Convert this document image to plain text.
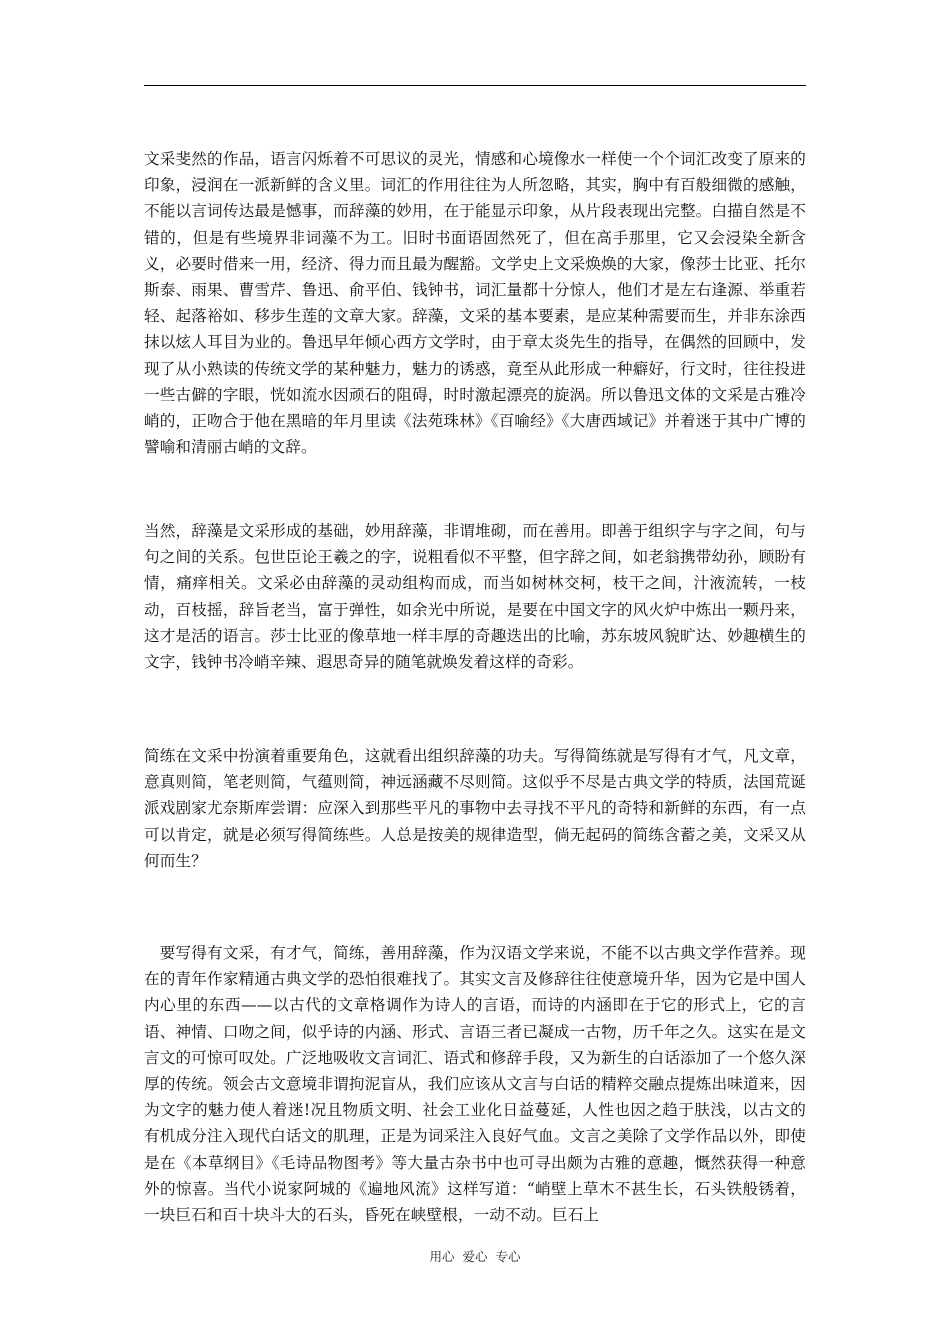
文采斐然的作品，语言闪烁着不可思议的灵光，情感和心境像水一样使一个个词汇改变了原来的印象，浸润在一派新鲜的含义里。词汇的作用往往为人所忽略，其实，胸中有百般细微的感触，不能以言词传达最是憾事，而辞藻的妙用，在于能显示印象，从片段表现出完整。白描自然是不错的，但是有些境界非词藻不为工。旧时书面语固然死了，但在高手那里，它又会浸染全新含义，必要时借来一用，经济、得力而且最为醒豁。文学史上文采焕焕的大家，像莎士比亚、托尔斯泰、雨果、曹雪芹、鲁迅、俞平伯、钱钟书，词汇量都十分惊人，他们才是左右逢源、举重若轻、起落裕如、移步生莲的文章大家。辞藻，文采的基本要素，是应某种需要而生，并非东涂西抹以炫人耳目为业的。鲁迅早年倾心西方文学时，由于章太炎先生的指导，在偶然的回顾中，发现了从小熟读的传统文学的某种魅力，魅力的诱惑，竟至从此形成一种癖好，行文时，往往投进一些古僻的字眼，恍如流水因顽石的阻碍，时时激起漂亮的旋涡。所以鲁迅文体的文采是古雅冷峭的，正吻合于他在黑暗的年月里读《法苑珠林》《百喻经》《大唐西域记》并着迷于其中广博的譬喻和清丽古峭的文辞。

当然，辞藻是文采形成的基础，妙用辞藻，非谓堆砌，而在善用。即善于组织字与字之间，句与句之间的关系。包世臣论王羲之的字，说粗看似不平整，但字辞之间，如老翁携带幼孙，顾盼有情，痛痒相关。文采必由辞藻的灵动组构而成，而当如树林交柯，枝干之间，汁液流转，一枝动，百枝摇，辞旨老当，富于弹性，如余光中所说，是要在中国文字的风火炉中炼出一颗丹来，这才是活的语言。莎士比亚的像草地一样丰厚的奇趣迭出的比喻，苏东坡风貌旷达、妙趣横生的文字，钱钟书冷峭辛辣、遐思奇异的随笔就焕发着这样的奇彩。

简练在文采中扮演着重要角色，这就看出组织辞藻的功夫。写得简练就是写得有才气，凡文章，意真则简，笔老则简，气蕴则简，神远涵藏不尽则简。这似乎不尽是古典文学的特质，法国荒诞派戏剧家尤奈斯库尝谓：应深入到那些平凡的事物中去寻找不平凡的奇特和新鲜的东西，有一点可以肯定，就是必须写得简练些。人总是按美的规律造型，倘无起码的简练含蓄之美，文采又从何而生？

　要写得有文采，有才气，简练，善用辞藻，作为汉语文学来说，不能不以古典文学作营养。现在的青年作家精通古典文学的恐怕很难找了。其实文言及修辞往往使意境升华，因为它是中国人内心里的东西——以古代的文章格调作为诗人的言语，而诗的内涵即在于它的形式上，它的言语、神情、口吻之间，似乎诗的内涵、形式、言语三者已凝成一古物，历千年之久。这实在是文言文的可惊可叹处。广泛地吸收文言词汇、语式和修辞手段，又为新生的白话添加了一个悠久深厚的传统。领会古文意境非谓拘泥盲从，我们应该从文言与白话的精粹交融点提炼出味道来，因为文字的魅力使人着迷!况且物质文明、社会工业化日益蔓延，人性也因之趋于肤浅，以古文的有机成分注入现代白话文的肌理，正是为词采注入良好气血。文言之美除了文学作品以外，即使是在《本草纲目》《毛诗品物图考》等大量古杂书中也可寻出颇为古雅的意趣，慨然获得一种意外的惊喜。当代小说家阿城的《遍地风流》这样写道：“峭壁上草木不甚生长，石头铁般锈着，一块巨石和百十块斗大的石头，昏死在峡壁根，一动不动。巨石上

用心  爱心  专心
